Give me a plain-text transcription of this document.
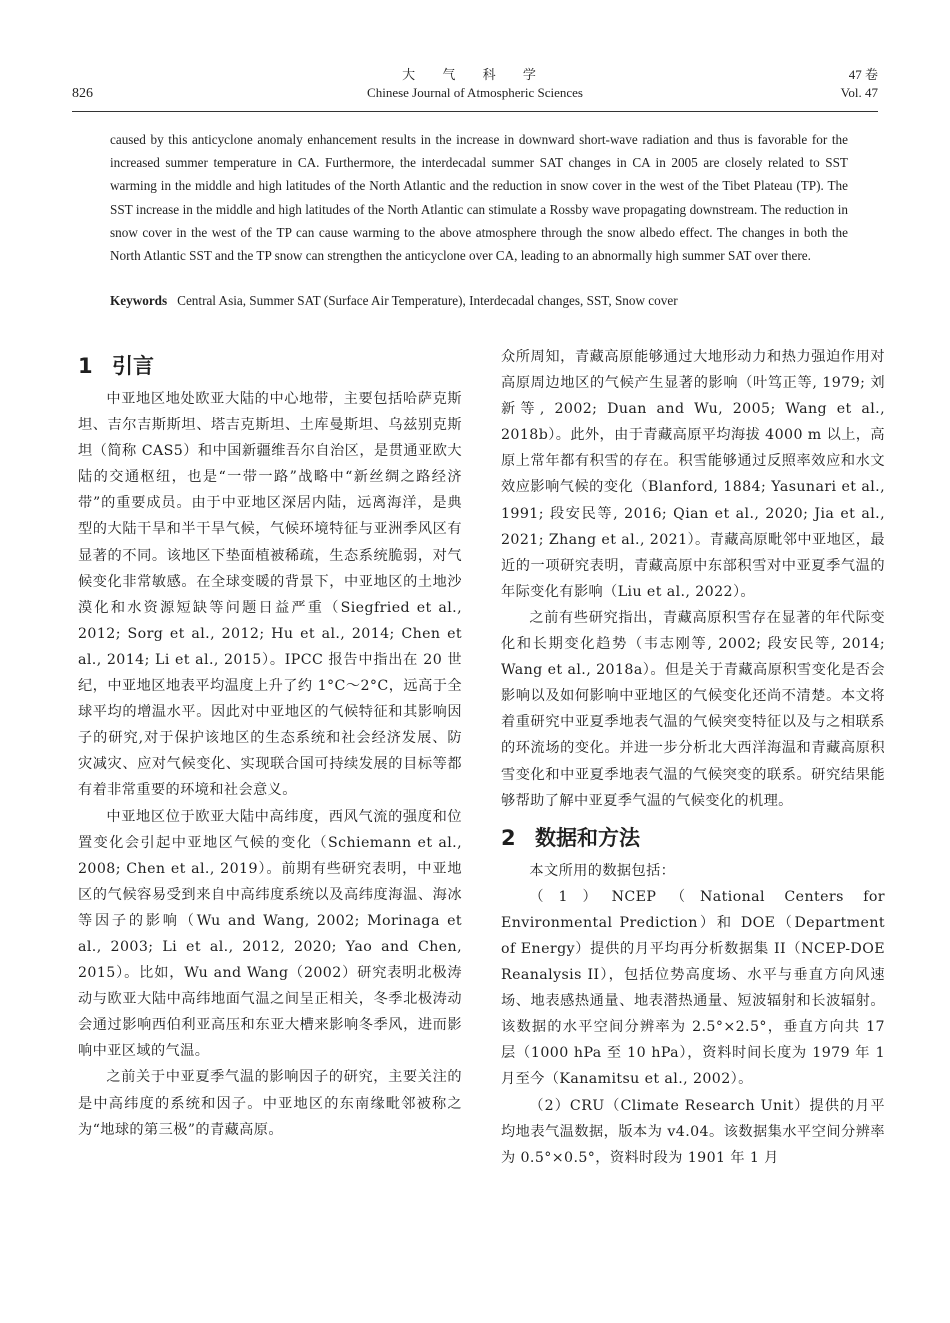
大 气 科 学
Chinese Journal of Atmospheric Sciences
826
47 卷
Vol. 47
caused by this anticyclone anomaly enhancement results in the increase in downward short-wave radiation and thus is favorable for the increased summer temperature in CA. Furthermore, the interdecadal summer SAT changes in CA in 2005 are closely related to SST warming in the middle and high latitudes of the North Atlantic and the reduction in snow cover in the west of the Tibet Plateau (TP). The SST increase in the middle and high latitudes of the North Atlantic can stimulate a Rossby wave propagating downstream. The reduction in snow cover in the west of the TP can cause warming to the above atmosphere through the snow albedo effect. The changes in both the North Atlantic SST and the TP snow can strengthen the anticyclone over CA, leading to an abnormally high summer SAT over there.
Keywords Central Asia, Summer SAT (Surface Air Temperature), Interdecadal changes, SST, Snow cover
1 引言

中亚地区地处欧亚大陆的中心地带，主要包括哈萨克斯坦、吉尔吉斯斯坦、塔吉克斯坦、土库曼斯坦、乌兹别克斯坦（简称 CAS5）和中国新疆维吾尔自治区，是贯通亚欧大陆的交通枢纽，也是“一带一路”战略中“新丝绸之路经济带”的重要成员。由于中亚地区深居内陆，远离海洋，是典型的大陆干旱和半干旱气候，气候环境特征与亚洲季风区有显著的不同。该地区下垫面植被稀疏，生态系统脆弱，对气候变化非常敏感。在全球变暖的背景下，中亚地区的土地沙漠化和水资源短缺等问题日益严重（Siegfried et al., 2012; Sorg et al., 2012; Hu et al., 2014; Chen et al., 2014; Li et al., 2015）。IPCC 报告中指出在 20 世纪，中亚地区地表平均温度上升了约 1°C～2°C，远高于全球平均的增温水平。因此对中亚地区的气候特征和其影响因子的研究,对于保护该地区的生态系统和社会经济发展、防灾减灾、应对气候变化、实现联合国可持续发展的目标等都有着非常重要的环境和社会意义。

中亚地区位于欧亚大陆中高纬度，西风气流的强度和位置变化会引起中亚地区气候的变化（Schiemann et al., 2008; Chen et al., 2019）。前期有些研究表明，中亚地区的气候容易受到来自中高纬度系统以及高纬度海温、海冰等因子的影响（Wu and Wang, 2002; Morinaga et al., 2003; Li et al., 2012, 2020; Yao and Chen, 2015）。比如，Wu and Wang（2002）研究表明北极涛动与欧亚大陆中高纬地面气温之间呈正相关，冬季北极涛动会通过影响西伯利亚高压和东亚大槽来影响冬季风，进而影响中亚区域的气温。

之前关于中亚夏季气温的影响因子的研究，主要关注的是中高纬度的系统和因子。中亚地区的东南缘毗邻被称之为“地球的第三极”的青藏高原。

众所周知，青藏高原能够通过大地形动力和热力强迫作用对高原周边地区的气候产生显著的影响（叶笃正等, 1979; 刘新等, 2002; Duan and Wu, 2005; Wang et al., 2018b）。此外，由于青藏高原平均海拔 4000 m 以上，高原上常年都有积雪的存在。积雪能够通过反照率效应和水文效应影响气候的变化（Blanford, 1884; Yasunari et al., 1991; 段安民等, 2016; Qian et al., 2020; Jia et al., 2021; Zhang et al., 2021）。青藏高原毗邻中亚地区，最近的一项研究表明，青藏高原中东部积雪对中亚夏季气温的年际变化有影响（Liu et al., 2022）。

之前有些研究指出，青藏高原积雪存在显著的年代际变化和长期变化趋势（韦志刚等, 2002; 段安民等, 2014; Wang et al., 2018a）。但是关于青藏高原积雪变化是否会影响以及如何影响中亚地区的气候变化还尚不清楚。本文将着重研究中亚夏季地表气温的气候突变特征以及与之相联系的环流场的变化。并进一步分析北大西洋海温和青藏高原积雪变化和中亚夏季地表气温的气候突变的联系。研究结果能够帮助了解中亚夏季气温的气候变化的机理。

2 数据和方法

本文所用的数据包括：

（1）NCEP（National Centers for Environmental Prediction）和 DOE（Department of Energy）提供的月平均再分析数据集 II（NCEP-DOE Reanalysis II），包括位势高度场、水平与垂直方向风速场、地表感热通量、地表潜热通量、短波辐射和长波辐射。该数据的水平空间分辨率为 2.5°×2.5°，垂直方向共 17 层（1000 hPa 至 10 hPa），资料时间长度为 1979 年 1 月至今（Kanamitsu et al., 2002）。

（2）CRU（Climate Research Unit）提供的月平均地表气温数据，版本为 v4.04。该数据集水平空间分辨率为 0.5°×0.5°，资料时段为 1901 年 1 月
